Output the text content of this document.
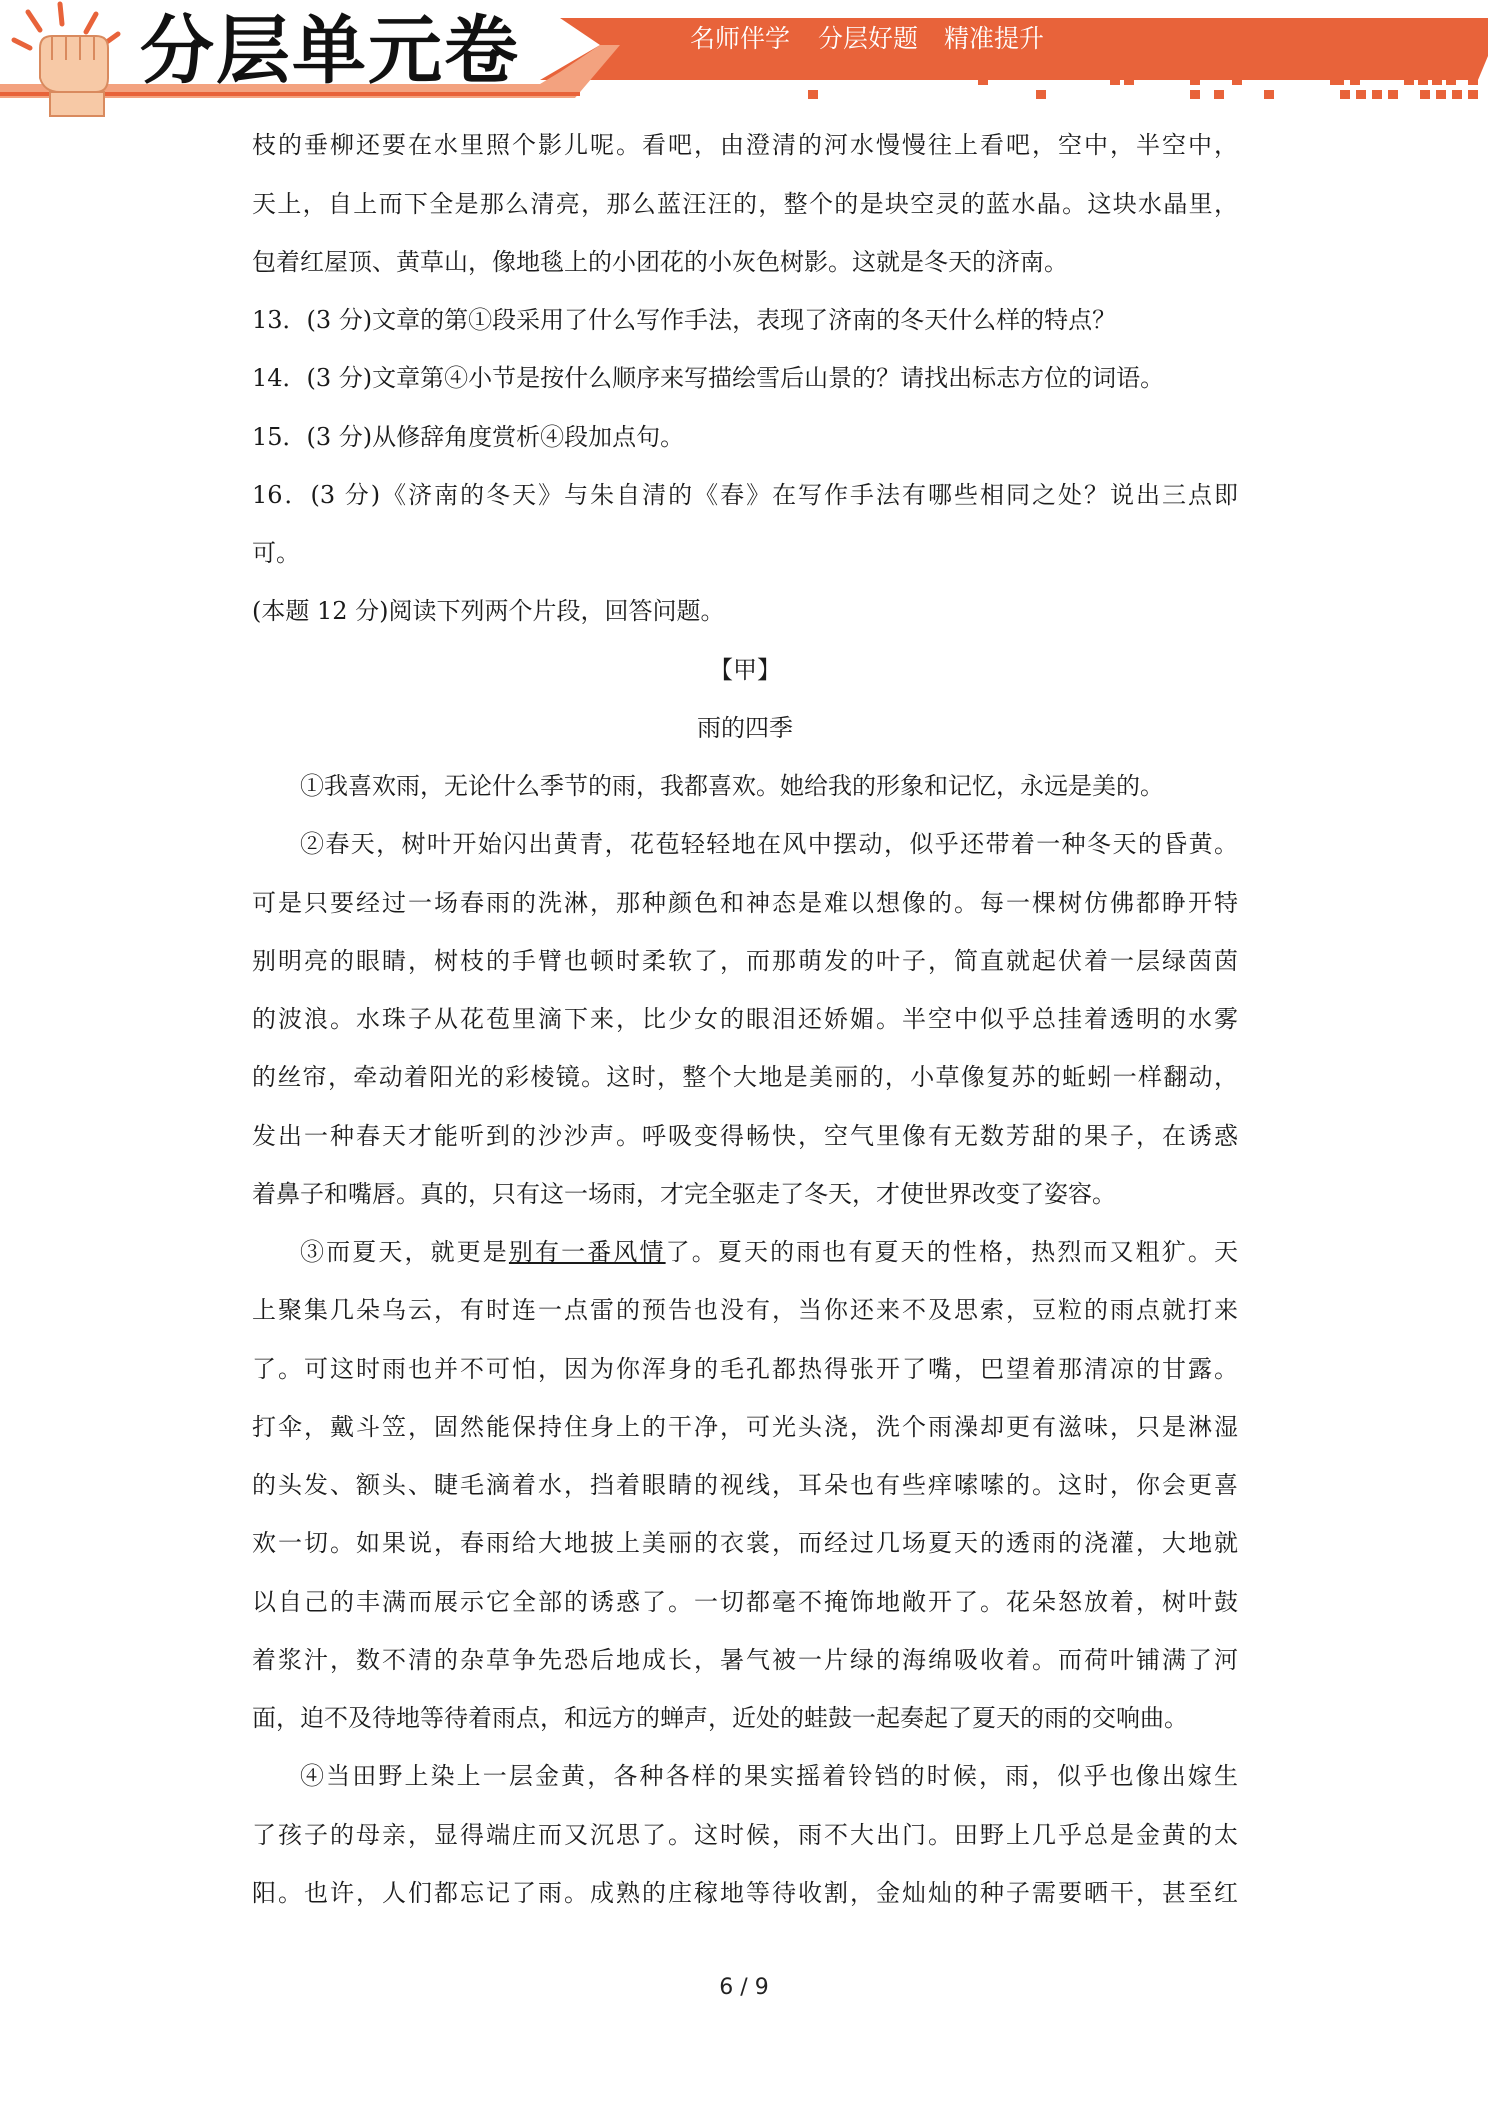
分层单元卷	名师伴学 分层好题 精准提升
枝的垂柳还要在水里照个影儿呢。看吧，由澄清的河水慢慢往上看吧，空中，半空中，
天上，自上而下全是那么清亮，那么蓝汪汪的，整个的是块空灵的蓝水晶。这块水晶里，
包着红屋顶、黄草山，像地毯上的小团花的小灰色树影。这就是冬天的济南。
13．(3 分)文章的第①段采用了什么写作手法，表现了济南的冬天什么样的特点？
14．(3 分)文章第④小节是按什么顺序来写描绘雪后山景的？请找出标志方位的词语。
15．(3 分)从修辞角度赏析④段加点句。
16．(3 分)《济南的冬天》与朱自清的《春》在写作手法有哪些相同之处？说出三点即
可。
(本题 12 分)阅读下列两个片段，回答问题。
【甲】
雨的四季
①我喜欢雨，无论什么季节的雨，我都喜欢。她给我的形象和记忆，永远是美的。
②春天，树叶开始闪出黄青，花苞轻轻地在风中摆动，似乎还带着一种冬天的昏黄。
可是只要经过一场春雨的洗淋，那种颜色和神态是难以想像的。每一棵树仿佛都睁开特
别明亮的眼睛，树枝的手臂也顿时柔软了，而那萌发的叶子，简直就起伏着一层绿茵茵
的波浪。水珠子从花苞里滴下来，比少女的眼泪还娇媚。半空中似乎总挂着透明的水雾
的丝帘，牵动着阳光的彩棱镜。这时，整个大地是美丽的，小草像复苏的蚯蚓一样翻动，
发出一种春天才能听到的沙沙声。呼吸变得畅快，空气里像有无数芳甜的果子，在诱惑
着鼻子和嘴唇。真的，只有这一场雨，才完全驱走了冬天，才使世界改变了姿容。
③而夏天，就更是别有一番风情了。夏天的雨也有夏天的性格，热烈而又粗犷。天
上聚集几朵乌云，有时连一点雷的预告也没有，当你还来不及思索，豆粒的雨点就打来
了。可这时雨也并不可怕，因为你浑身的毛孔都热得张开了嘴，巴望着那清凉的甘露。
打伞，戴斗笠，固然能保持住身上的干净，可光头浇，洗个雨澡却更有滋味，只是淋湿
的头发、额头、睫毛滴着水，挡着眼睛的视线，耳朵也有些痒嗦嗦的。这时，你会更喜
欢一切。如果说，春雨给大地披上美丽的衣裳，而经过几场夏天的透雨的浇灌，大地就
以自己的丰满而展示它全部的诱惑了。一切都毫不掩饰地敞开了。花朵怒放着，树叶鼓
着浆汁，数不清的杂草争先恐后地成长，暑气被一片绿的海绵吸收着。而荷叶铺满了河
面，迫不及待地等待着雨点，和远方的蝉声，近处的蛙鼓一起奏起了夏天的雨的交响曲。
④当田野上染上一层金黄，各种各样的果实摇着铃铛的时候，雨，似乎也像出嫁生
了孩子的母亲，显得端庄而又沉思了。这时候，雨不大出门。田野上几乎总是金黄的太
阳。也许，人们都忘记了雨。成熟的庄稼地等待收割，金灿灿的种子需要晒干，甚至红
6 / 9
